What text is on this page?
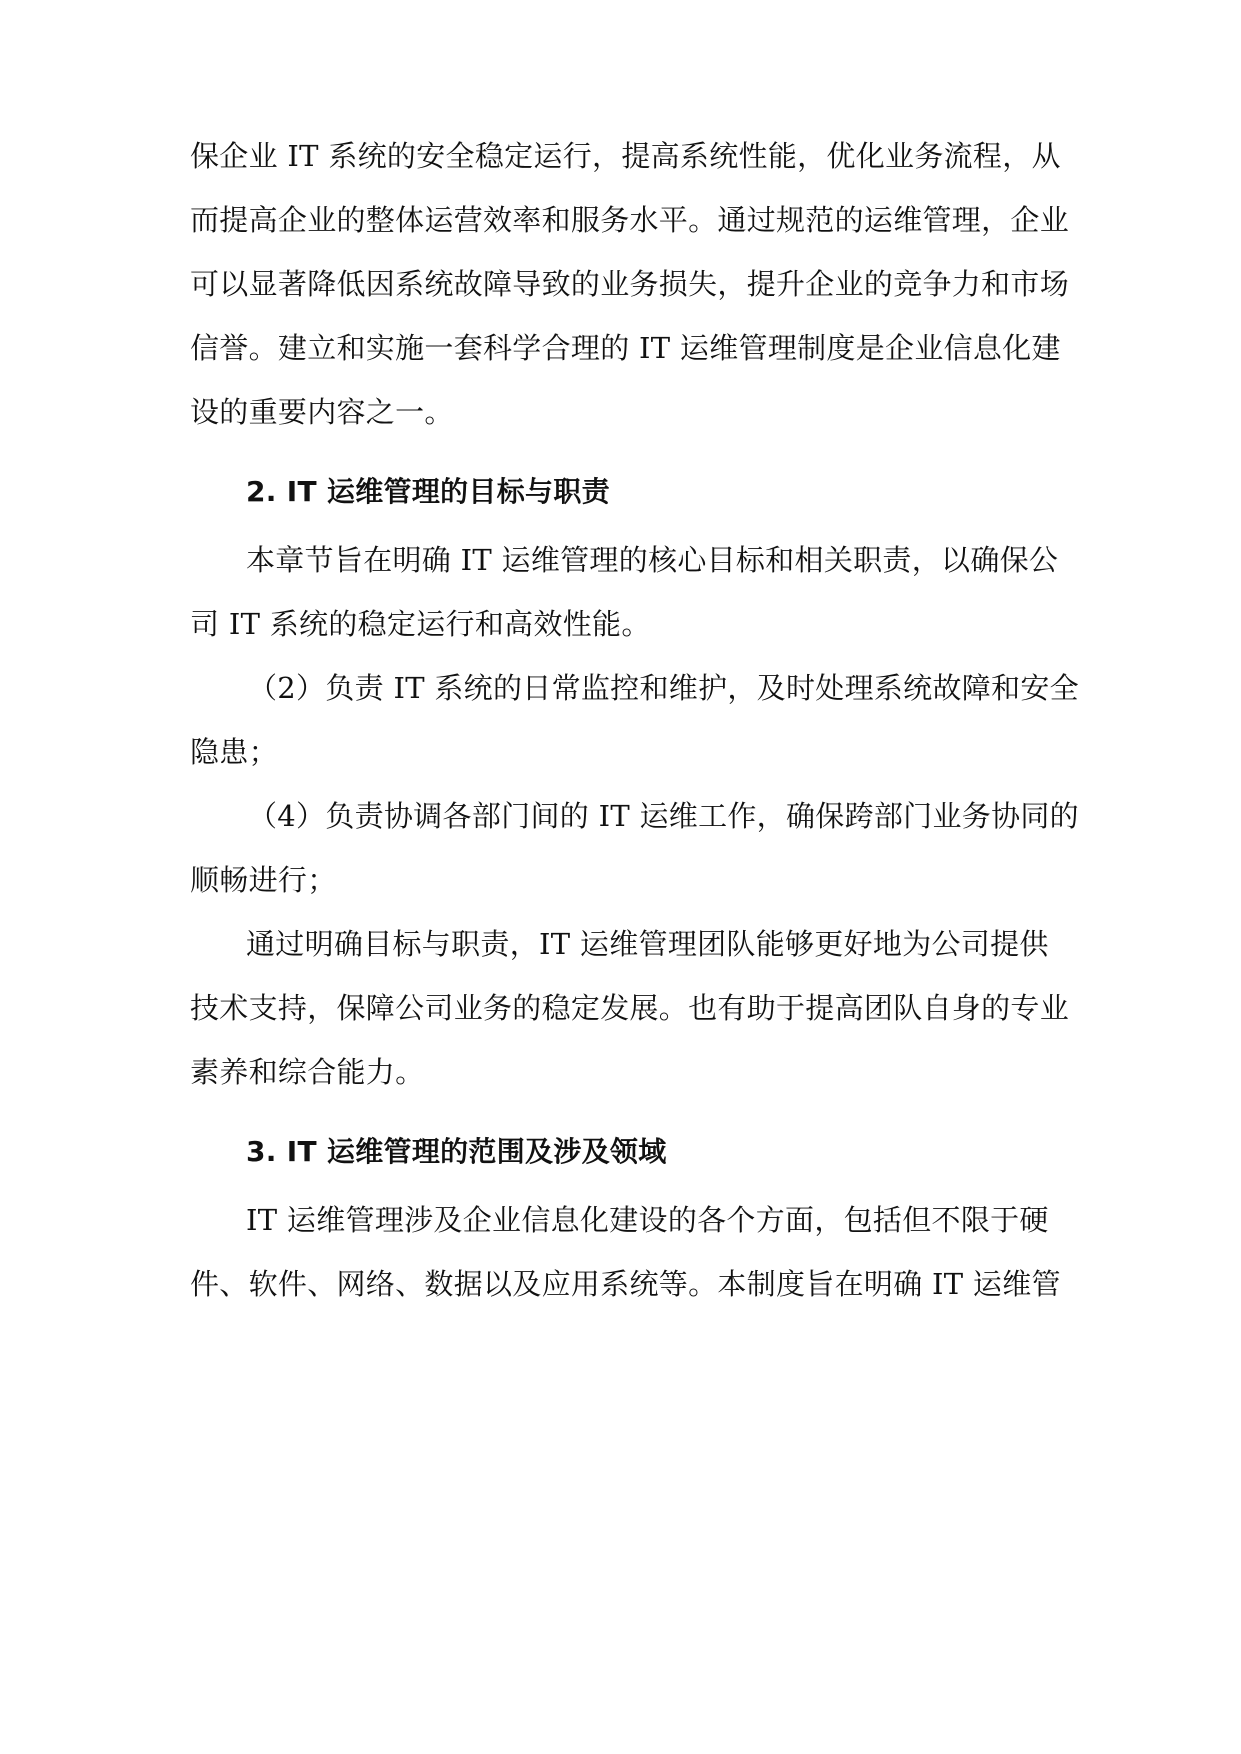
保企业 IT 系统的安全稳定运行，提高系统性能，优化业务流程，从
而提高企业的整体运营效率和服务水平。通过规范的运维管理，企业
可以显著降低因系统故障导致的业务损失，提升企业的竞争力和市场
信誉。建立和实施一套科学合理的 IT 运维管理制度是企业信息化建
设的重要内容之一。
2. IT 运维管理的目标与职责
本章节旨在明确 IT 运维管理的核心目标和相关职责，以确保公
司 IT 系统的稳定运行和高效性能。
（2）负责 IT 系统的日常监控和维护，及时处理系统故障和安全
隐患；
（4）负责协调各部门间的 IT 运维工作，确保跨部门业务协同的
顺畅进行；
通过明确目标与职责，IT 运维管理团队能够更好地为公司提供
技术支持，保障公司业务的稳定发展。也有助于提高团队自身的专业
素养和综合能力。
3. IT 运维管理的范围及涉及领域
IT 运维管理涉及企业信息化建设的各个方面，包括但不限于硬
件、软件、网络、数据以及应用系统等。本制度旨在明确 IT 运维管
